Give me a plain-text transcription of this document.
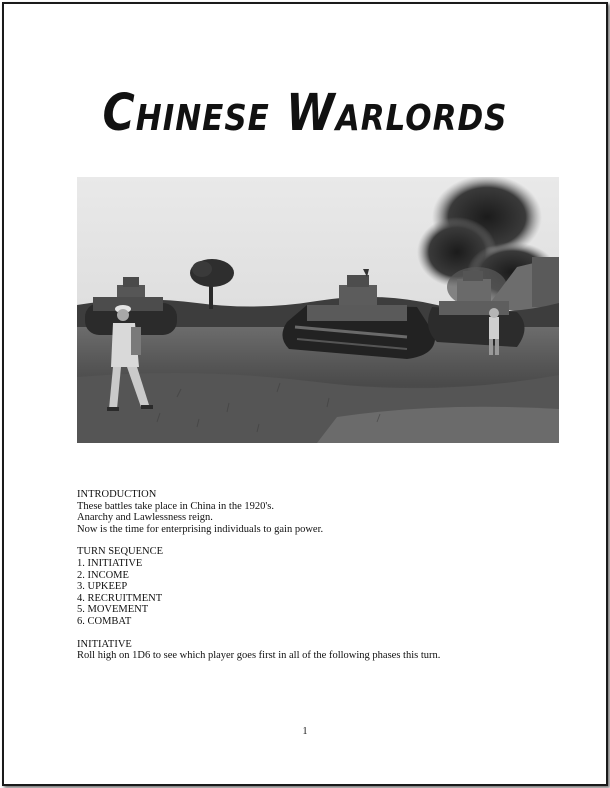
Chinese Warlords
INTRODUCTION
These battles take place in China in the 1920's.
Anarchy and Lawlessness reign.
Now is the time for enterprising individuals to gain power.
TURN SEQUENCE
1. INITIATIVE
2. INCOME
3. UPKEEP
4. RECRUITMENT
5. MOVEMENT
6. COMBAT
INITIATIVE
Roll high on 1D6 to see which player goes first in all of the following phases this turn.
1
